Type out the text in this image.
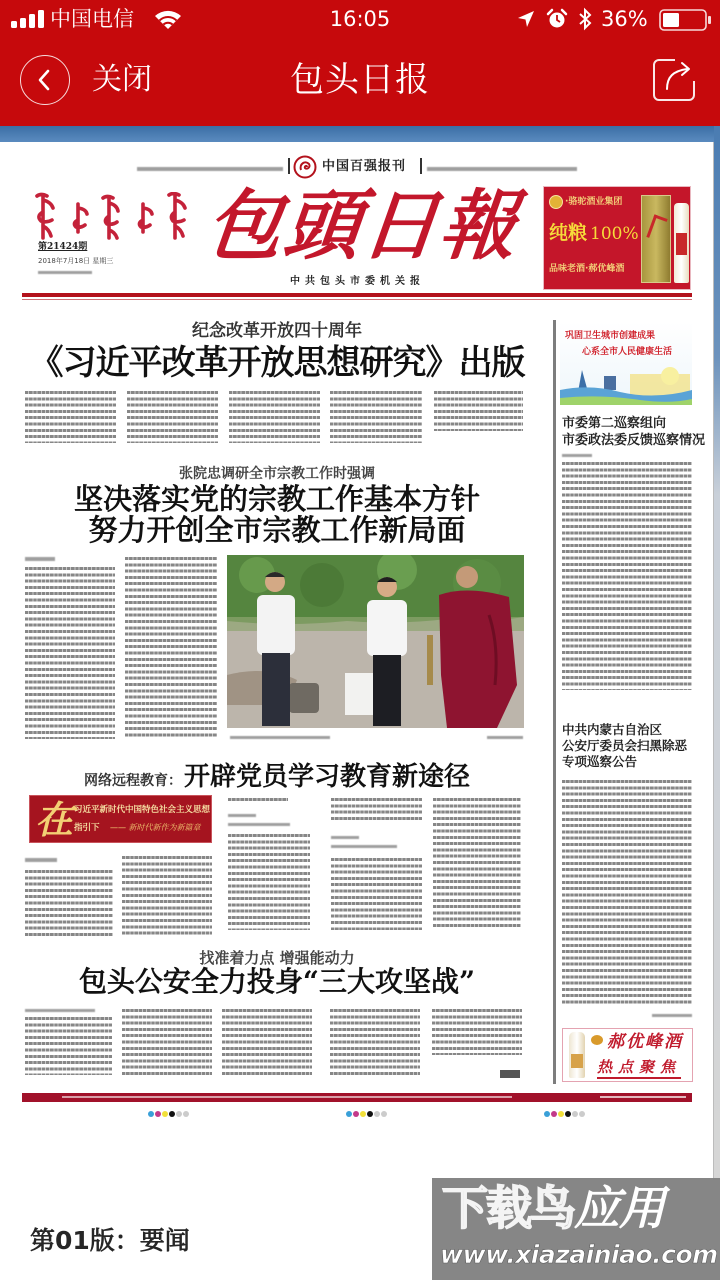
中国电信	16:05	36%
关闭	包头日报
中国百强报刊
包頭日報
第21424期
2018年7月18日 星期三
中共包头市委机关报
·骆驼酒业集团
纯粮 100%
品味老酒·郝优峰酒
纪念改革开放四十周年
《习近平改革开放思想研究》出版
张院忠调研全市宗教工作时强调
坚决落实党的宗教工作基本方针
努力开创全市宗教工作新局面
网络远程教育： 开辟党员学习教育新途径
在 习近平新时代中国特色社会主义思想
指引下 —— 新时代新作为新篇章
找准着力点 增强能动力
包头公安全力投身“三大攻坚战”
巩固卫生城市创建成果
心系全市人民健康生活
市委第二巡察组向
市委政法委反馈巡察情况
中共内蒙古自治区
公安厅委员会扫黑除恶
专项巡察公告
郝优峰酒
热点聚焦
第01版：要闻
下载鸟应用
www.xiazainiao.com
